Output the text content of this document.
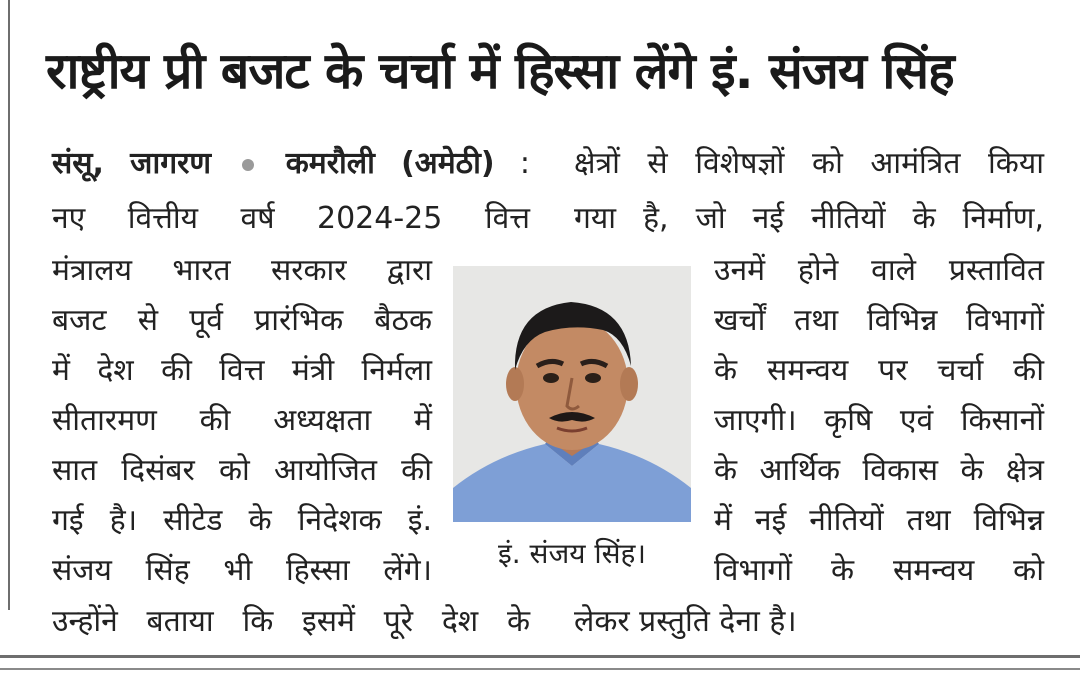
राष्ट्रीय प्री बजट के चर्चा में हिस्सा लेंगे इं. संजय सिंह
संसू, जागरण कमरौली (अमेठी) :
नए वित्तीय वर्ष 2024-25 वित्त
मंत्रालय भारत सरकार द्वारा
बजट से पूर्व प्रारंभिक बैठक
में देश की वित्त मंत्री निर्मला
सीतारमण की अध्यक्षता में
सात दिसंबर को आयोजित की
गई है। सीटेड के निदेशक इं.
संजय सिंह भी हिस्सा लेंगे।
उन्होंने बताया कि इसमें पूरे देश के
क्षेत्रों से विशेषज्ञों को आमंत्रित किया
गया है, जो नई नीतियों के निर्माण,
उनमें होने वाले प्रस्तावित
खर्चों तथा विभिन्न विभागों
के समन्वय पर चर्चा की
जाएगी। कृषि एवं किसानों
के आर्थिक विकास के क्षेत्र
में नई नीतियों तथा विभिन्न
विभागों के समन्वय को
लेकर प्रस्तुति देना है।
इं. संजय सिंह।
